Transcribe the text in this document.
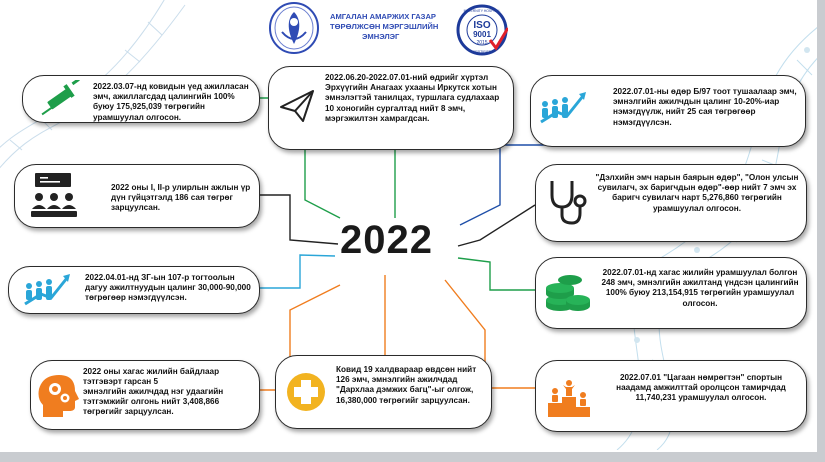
АМГАЛАН АМАРЖИХ ГАЗАР
ТӨРӨЛЖСӨН МЭРГЭШЛИЙН
ЭМНЭЛЭГ
ISO
9001
2015
MATERNITY HOSPITAL
CERTIFIED
2022
2022.03.07-нд ковидын үед ажилласан эмч, ажиллагсдад цалингийн 100% буюу 175,925,039 төгрөгийн урамшуулал олгосон.
2022.06.20-2022.07.01-ний өдрийг хүртэл Эрхүүгийн Анагаах ухааны Иркутск хотын эмнэлэгтэй танилцах, туршлага судлахаар 10 хоногийн сургалтад нийт 8 эмч, мэргэжилтэн хамрагдсан.
2022.07.01-ны өдөр Б/97 тоот тушаалаар эмч, эмнэлгийн ажилчдын цалинг 10-20%-иар нэмэгдүүлж, нийт 25 сая төгрөгөөр нэмэгдүүлсэн.
2022 оны I, II-р улирлын ажлын үр дүн гүйцэтгэлд 186 сая төгрөг зарцуулсан.
"Дэлхийн эмч нарын баярын өдөр", "Олон улсын сувилагч, эх баригчдын өдөр"-өөр нийт 7 эмч эх баригч сувилагч нарт 5,276,860 төгрөгийн урамшуулал олгосон.
2022.04.01-нд ЗГ-ын 107-р тогтоолын дагуу ажилтнуудын цалинг 30,000-90,000 төгрөгөөр нэмэгдүүлсэн.
2022.07.01-нд хагас жилийн урамшуулал болгон 248 эмч, эмнэлгийн ажилтанд үндсэн цалингийн 100% буюу 213,154,915 төгрөгийн урамшуулал олгосон.
2022 оны хагас жилийн байдлаар тэтгэвэрт гарсан 5
эмнэлгийн ажилчдад нэг удаагийн тэтгэмжийг олгонь нийт 3,408,866 төгрөгийг зарцуулсан.
Ковид 19 халдвараар өвдсөн нийт 126 эмч, эмнэлгийн ажилчдад "Дархлаа дэмжих багц"-ыг олгож, 16,380,000 төгрөгийг зарцуулсан.
2022.07.01 "Цагаан нөмрөгтэн" спортын наадамд амжилттай оролцсон тамирчдад 11,740,231 урамшуулал олгосон.
